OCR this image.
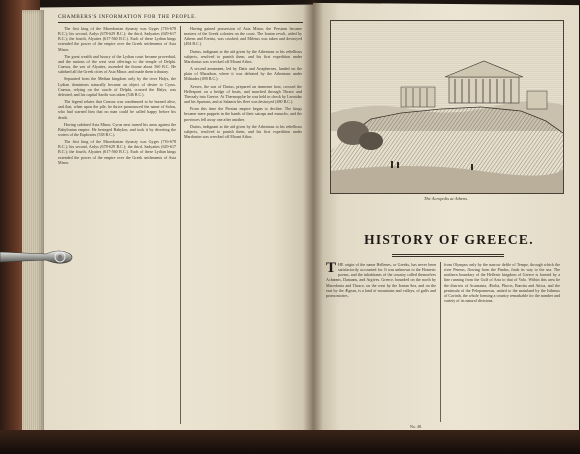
CHAMBERS'S INFORMATION FOR THE PEOPLE.

The first king of the Macedonian dynasty was Gyges (716-678 B.C.); his second, Ardys (678-629 B.C.); the third, Sadyattes (629-617 B.C.); the fourth, Alyattes (617-560 B.C.). Each of these Lydian kings extended the power of the empire over the Greek settlements of Asia Minor.

The great wealth and luxury of the Lydian court became proverbial, and the nations of the west sent offerings to the temple of Delphi. Crœsus, the son of Alyattes, ascended the throne about 560 B.C. He subdued all the Greek cities of Asia Minor, and made them tributary.

Separated from the Median kingdom only by the river Halys, the Lydian dominions naturally became an object of desire to Cyrus. Crœsus, relying on the oracle of Delphi, crossed the Halys, was defeated, and his capital Sardis was taken (546 B.C.).

The legend relates that Crœsus was condemned to be burned alive, and that, when upon the pile, he thrice pronounced the name of Solon, who had warned him that no man could be called happy before his death.

Having subdued Asia Minor, Cyrus next turned his arms against the Babylonian empire. He besieged Babylon, and took it by diverting the waters of the Euphrates (538 B.C.).

The first king of the Macedonian dynasty was Gyges (716-678 B.C.); his second, Ardys (678-629 B.C.); the third, Sadyattes (629-617 B.C.); the fourth, Alyattes (617-560 B.C.). Each of these Lydian kings extended the power of the empire over the Greek settlements of Asia Minor.

Having gained possession of Asia Minor, the Persians became masters of the Greek colonies on the coast. The Ionian revolt, aided by Athens and Eretria, was crushed, and Miletus was taken and destroyed (494 B.C.).

Darius, indignant at the aid given by the Athenians to his rebellious subjects, resolved to punish them, and his first expedition under Mardonius was wrecked off Mount Athos.

A second armament, led by Datis and Artaphernes, landed on the plain of Marathon, where it was defeated by the Athenians under Miltiades (490 B.C.).

Xerxes, the son of Darius, prepared an immense host, crossed the Hellespont on a bridge of boats, and marched through Thrace and Thessaly into Greece. At Thermopylæ he was held in check by Leonidas and his Spartans, and at Salamis his fleet was destroyed (480 B.C.).

From this time the Persian empire began to decline. The kings became mere puppets in the hands of their satraps and eunuchs, and the provinces fell away one after another.

Darius, indignant at the aid given by the Athenians to his rebellious subjects, resolved to punish them, and his first expedition under Mardonius was wrecked off Mount Athos.

The Acropolis at Athens.
HISTORY OF GREECE.
T HE origin of the name Hellenes, or Greeks, has never been satisfactorily accounted for. It was unknown to the Homeric poems, and the inhabitants of the country called themselves Achæans, Danaans, and Argives. Greece, bounded on the north by Macedonia and Thrace, on the west by the Ionian Sea, and on the east by the Ægean, is a land of mountains and valleys, of gulfs and promontories.
from Olympus only by the narrow defile of Tempe, through which the river Peneus, flowing from the Pindus, finds its way to the sea. The northern boundary of the Hellenic kingdom of Greece is formed by a line running from the Gulf of Arta to that of Volo. Within this area lie the districts of Acarnania, Ætolia, Phocis, Bœotia and Attica, and the peninsula of the Peloponnesus, united to the mainland by the Isthmus of Corinth, the whole forming a country remarkable for the number and variety of its natural divisions.
No. 48.
